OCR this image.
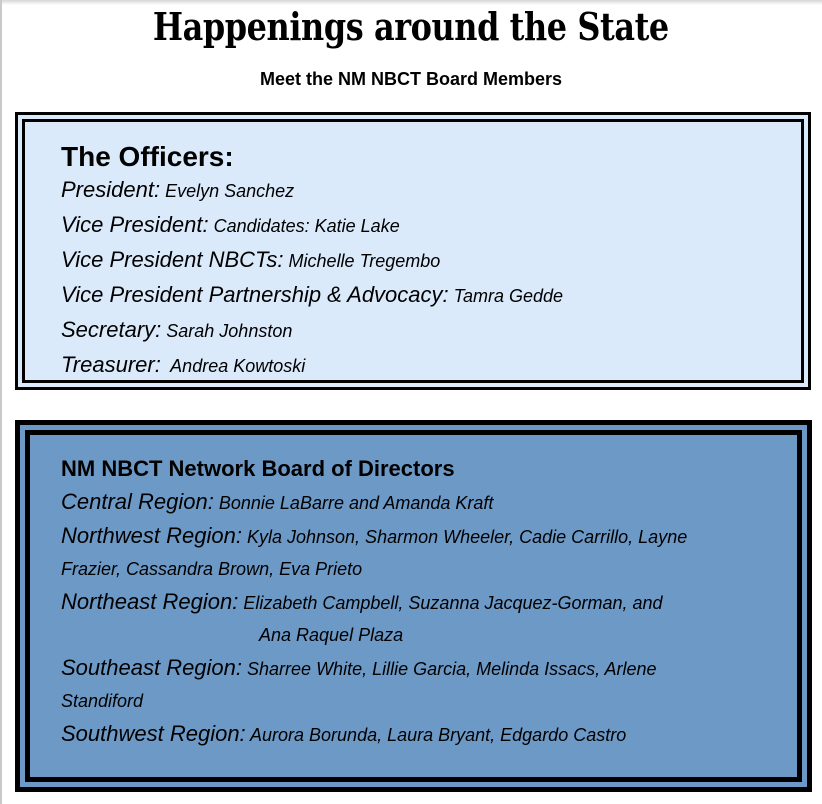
Happenings around the State
Meet the NM NBCT Board Members
The Officers:
President: Evelyn Sanchez
Vice President: Candidates: Katie Lake
Vice President NBCTs: Michelle Tregembo
Vice President Partnership & Advocacy: Tamra Gedde
Secretary: Sarah Johnston
Treasurer:  Andrea Kowtoski
NM NBCT Network Board of Directors
Central Region: Bonnie LaBarre and Amanda Kraft
Northwest Region: Kyla Johnson, Sharmon Wheeler, Cadie Carrillo, Layne
Frazier, Cassandra Brown, Eva Prieto
Northeast Region: Elizabeth Campbell, Suzanna Jacquez-Gorman, and
Ana Raquel Plaza
Southeast Region: Sharree White, Lillie Garcia, Melinda Issacs, Arlene
Standiford
Southwest Region: Aurora Borunda, Laura Bryant, Edgardo Castro
